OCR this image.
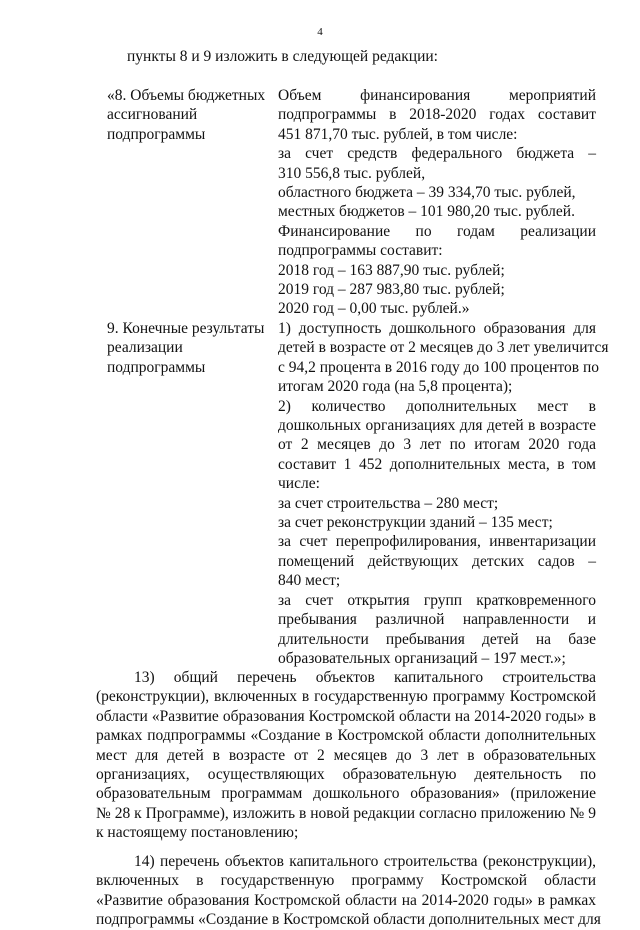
4
пункты 8 и 9 изложить в следующей редакции:
«8. Объемы бюджетных
ассигнований
подпрограммы
Объем финансирования мероприятий
подпрограммы в 2018-2020 годах составит
451 871,70 тыс. рублей, в том числе:
за счет средств федерального бюджета –
310 556,8 тыс. рублей,
областного бюджета – 39 334,70 тыс. рублей,
местных бюджетов – 101 980,20 тыс. рублей.
Финансирование по годам реализации
подпрограммы составит:
2018 год – 163 887,90 тыс. рублей;
2019 год – 287 983,80 тыс. рублей;
2020 год – 0,00 тыс. рублей.»
9. Конечные результаты
реализации
подпрограммы
1) доступность дошкольного образования для
детей в возрасте от 2 месяцев до 3 лет увеличится
с 94,2 процента в 2016 году до 100 процентов по
итогам 2020 года (на 5,8 процента);
2) количество дополнительных мест в
дошкольных организациях для детей в возрасте
от 2 месяцев до 3 лет по итогам 2020 года
составит 1 452 дополнительных места, в том
числе:
за счет строительства – 280 мест;
за счет реконструкции зданий – 135 мест;
за счет перепрофилирования, инвентаризации
помещений действующих детских садов –
840 мест;
за счет открытия групп кратковременного
пребывания различной направленности и
длительности пребывания детей на базе
образовательных организаций – 197 мест.»;
13) общий перечень объектов капитального строительства
(реконструкции), включенных в государственную программу Костромской
области «Развитие образования Костромской области на 2014-2020 годы» в
рамках подпрограммы «Создание в Костромской области дополнительных
мест для детей в возрасте от 2 месяцев до 3 лет в образовательных
организациях, осуществляющих образовательную деятельность по
образовательным программам дошкольного образования» (приложение
№ 28 к Программе), изложить в новой редакции согласно приложению № 9
к настоящему постановлению;
14) перечень объектов капитального строительства (реконструкции),
включенных в государственную программу Костромской области
«Развитие образования Костромской области на 2014-2020 годы» в рамках
подпрограммы «Создание в Костромской области дополнительных мест для
